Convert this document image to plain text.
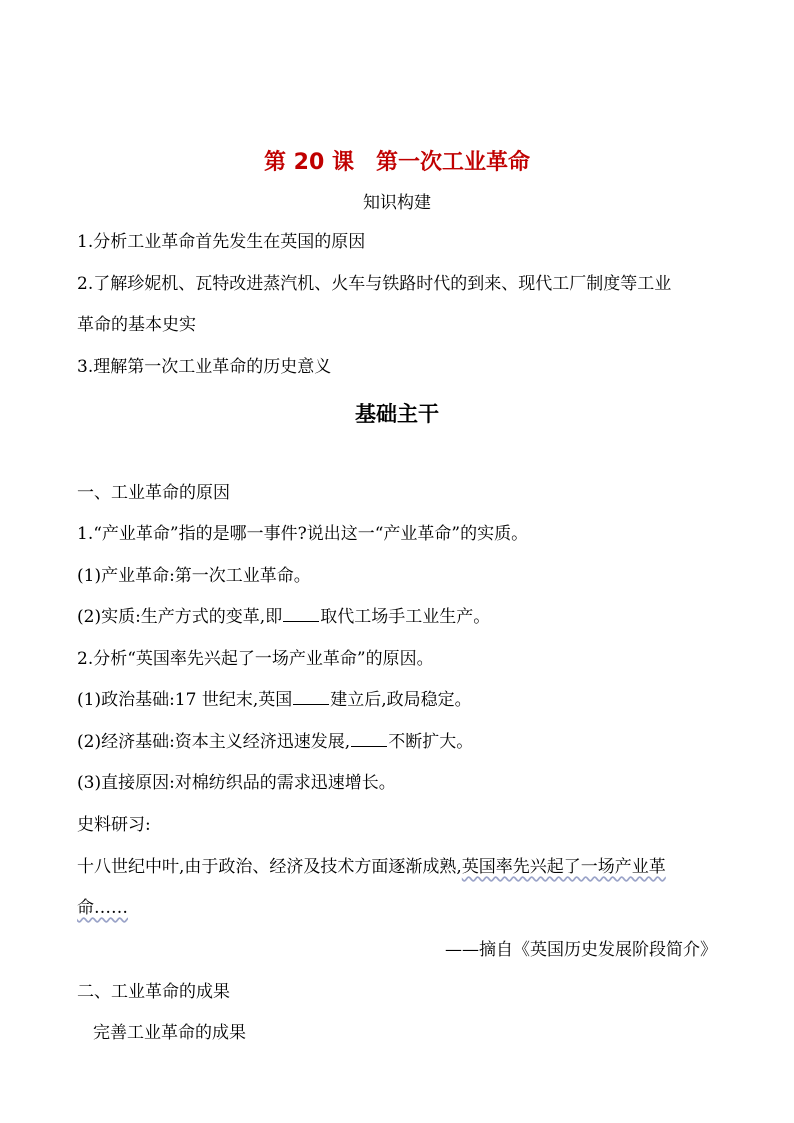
第 20 课 第一次工业革命
知识构建
1.分析工业革命首先发生在英国的原因
2.了解珍妮机、瓦特改进蒸汽机、火车与铁路时代的到来、现代工厂制度等工业
革命的基本史实
3.理解第一次工业革命的历史意义
基础主干
一、工业革命的原因
1.“产业革命”指的是哪一事件?说出这一“产业革命”的实质。
(1)产业革命:第一次工业革命。
(2)实质:生产方式的变革,即 取代工场手工业生产。
2.分析“英国率先兴起了一场产业革命”的原因。
(1)政治基础:17 世纪末,英国 建立后,政局稳定。
(2)经济基础:资本主义经济迅速发展, 不断扩大。
(3)直接原因:对棉纺织品的需求迅速增长。
史料研习:
十八世纪中叶,由于政治、经济及技术方面逐渐成熟,英国率先兴起了一场产业革
命……
——摘自《英国历史发展阶段简介》
二、工业革命的成果
完善工业革命的成果
